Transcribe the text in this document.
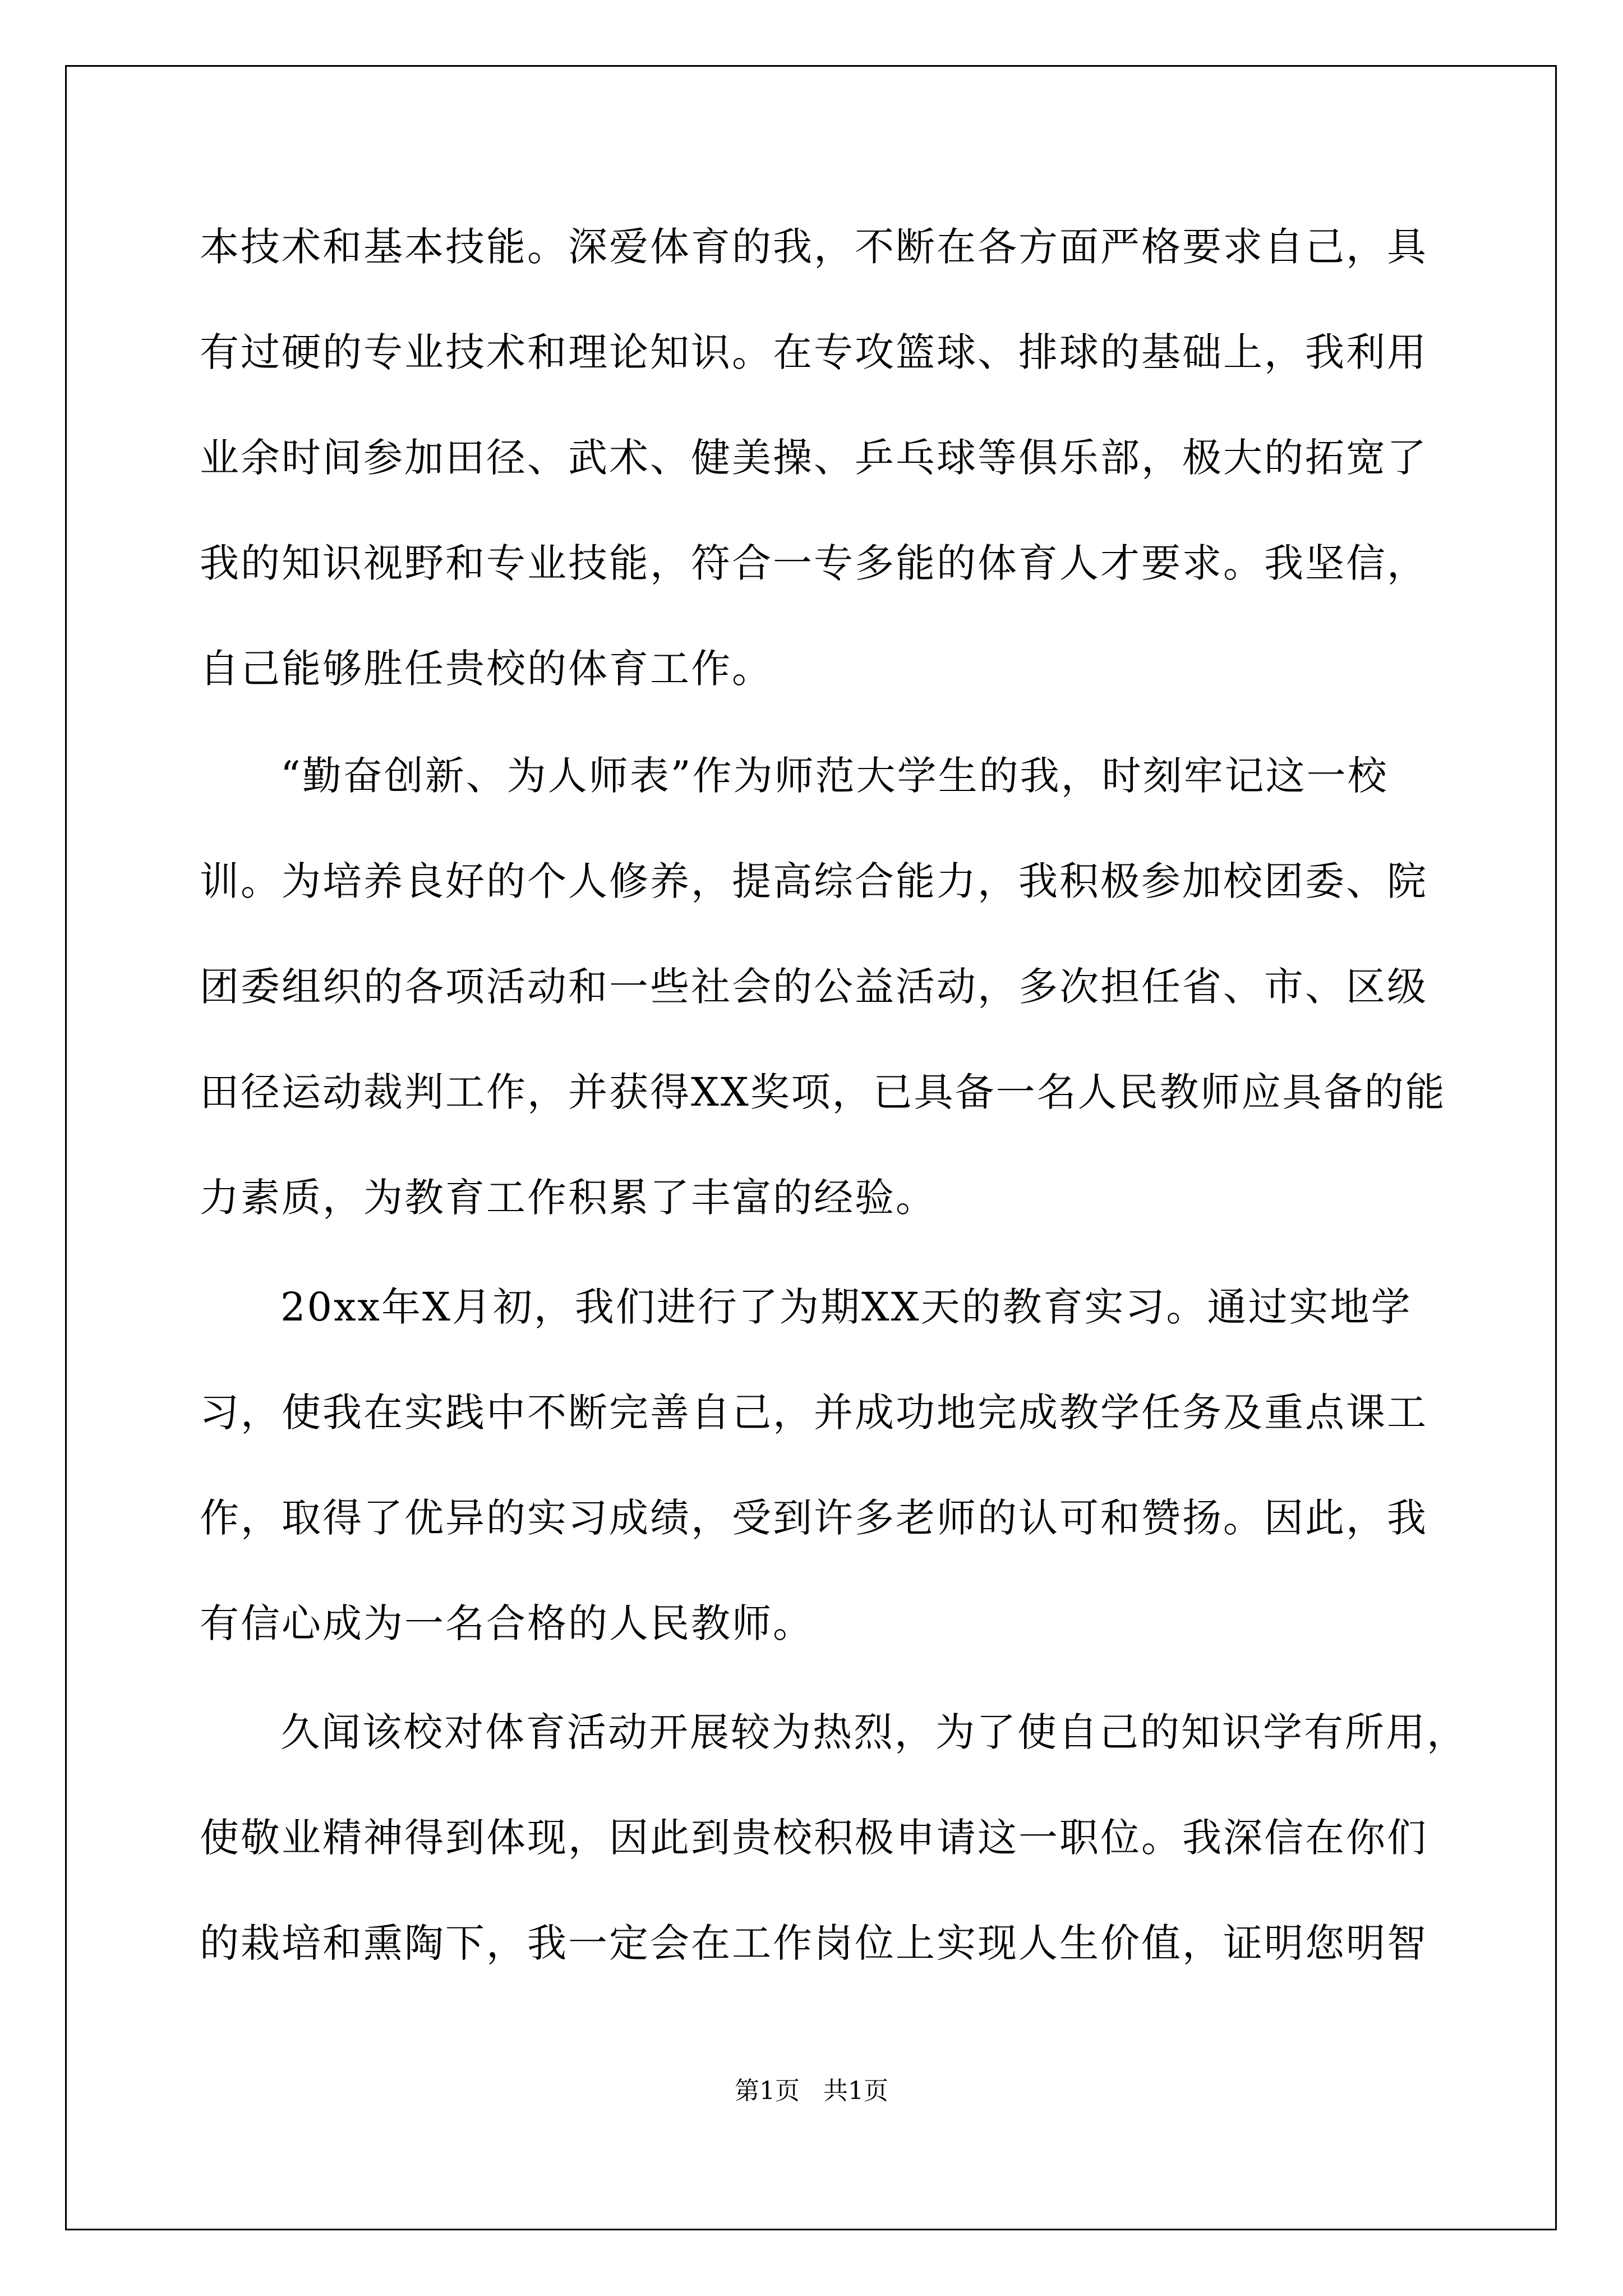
本技术和基本技能。深爱体育的我，不断在各方面严格要求自己，具
有过硬的专业技术和理论知识。在专攻篮球、排球的基础上，我利用
业余时间参加田径、武术、健美操、乒乓球等俱乐部，极大的拓宽了
我的知识视野和专业技能，符合一专多能的体育人才要求。我坚信，
自己能够胜任贵校的体育工作。
“勤奋创新、为人师表”作为师范大学生的我，时刻牢记这一校
训。为培养良好的个人修养，提高综合能力，我积极参加校团委、院
团委组织的各项活动和一些社会的公益活动，多次担任省、市、区级
田径运动裁判工作，并获得XX奖项，已具备一名人民教师应具备的能
力素质，为教育工作积累了丰富的经验。
20xx年X月初，我们进行了为期XX天的教育实习。通过实地学
习，使我在实践中不断完善自己，并成功地完成教学任务及重点课工
作，取得了优异的实习成绩，受到许多老师的认可和赞扬。因此，我
有信心成为一名合格的人民教师。
久闻该校对体育活动开展较为热烈，为了使自己的知识学有所用，
使敬业精神得到体现，因此到贵校积极申请这一职位。我深信在你们
的栽培和熏陶下，我一定会在工作岗位上实现人生价值，证明您明智
第1页   共1页
